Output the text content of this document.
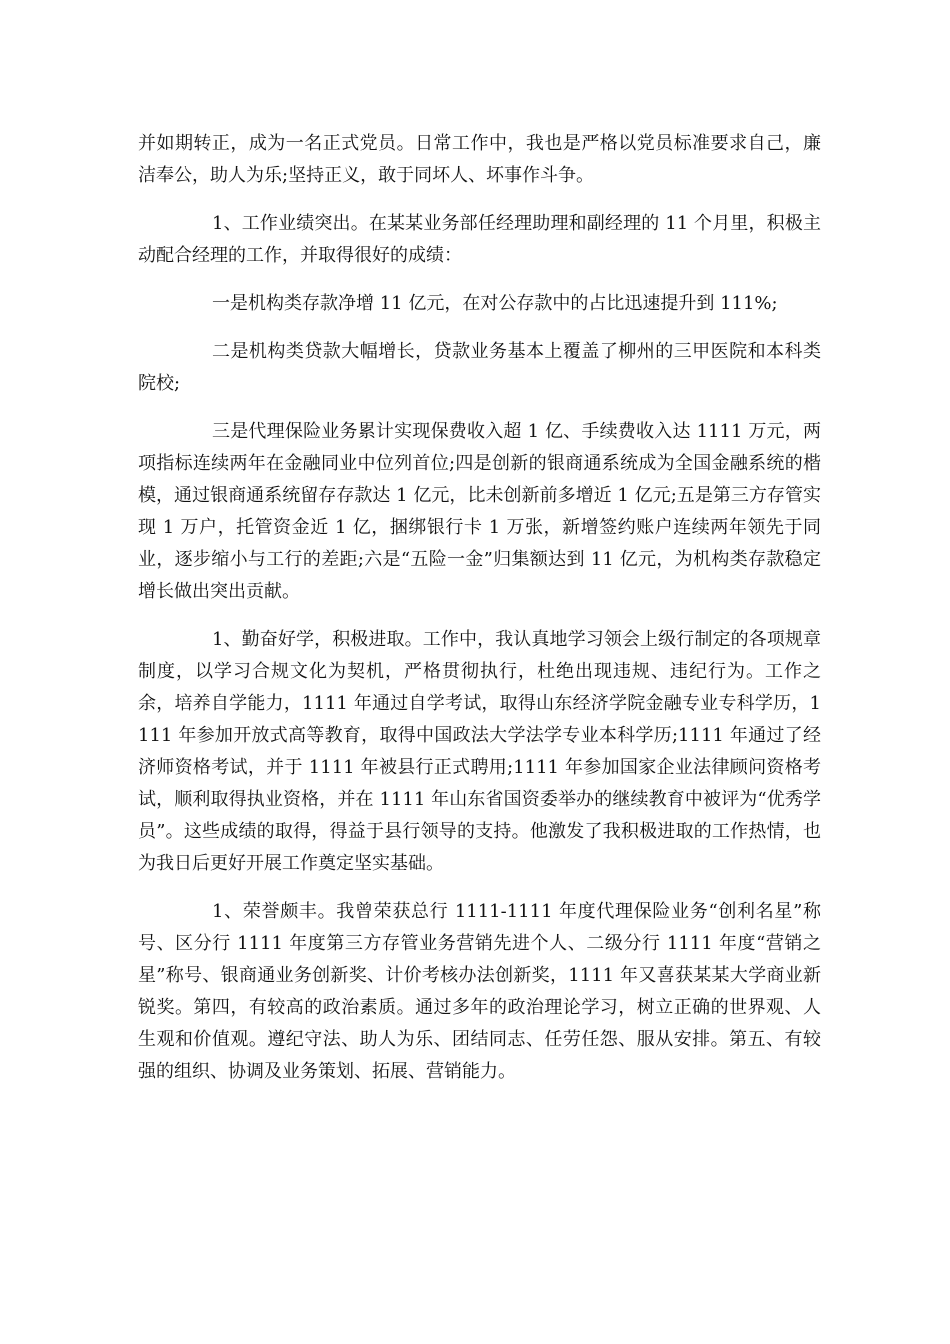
并如期转正，成为一名正式党员。日常工作中，我也是严格以党员标准要求自己，廉洁奉公，助人为乐;坚持正义，敢于同坏人、坏事作斗争。

1、工作业绩突出。在某某业务部任经理助理和副经理的 11 个月里，积极主动配合经理的工作，并取得很好的成绩：

一是机构类存款净增 11 亿元，在对公存款中的占比迅速提升到 111%;

二是机构类贷款大幅增长，贷款业务基本上覆盖了柳州的三甲医院和本科类院校;

三是代理保险业务累计实现保费收入超 1 亿、手续费收入达 1111 万元，两项指标连续两年在金融同业中位列首位;四是创新的银商通系统成为全国金融系统的楷模，通过银商通系统留存存款达 1 亿元，比未创新前多增近 1 亿元;五是第三方存管实现 1 万户，托管资金近 1 亿，捆绑银行卡 1 万张，新增签约账户连续两年领先于同业，逐步缩小与工行的差距;六是“五险一金”归集额达到 11 亿元，为机构类存款稳定增长做出突出贡献。

1、勤奋好学，积极进取。工作中，我认真地学习领会上级行制定的各项规章制度，以学习合规文化为契机，严格贯彻执行，杜绝出现违规、违纪行为。工作之余，培养自学能力，1111 年通过自学考试，取得山东经济学院金融专业专科学历，1111 年参加开放式高等教育，取得中国政法大学法学专业本科学历;1111 年通过了经济师资格考试，并于 1111 年被县行正式聘用;1111 年参加国家企业法律顾问资格考试，顺利取得执业资格，并在 1111 年山东省国资委举办的继续教育中被评为“优秀学员”。这些成绩的取得，得益于县行领导的支持。他激发了我积极进取的工作热情，也为我日后更好开展工作奠定坚实基础。

1、荣誉颇丰。我曾荣获总行 1111-1111 年度代理保险业务“创利名星”称号、区分行 1111 年度第三方存管业务营销先进个人、二级分行 1111 年度“营销之星”称号、银商通业务创新奖、计价考核办法创新奖，1111 年又喜获某某大学商业新锐奖。第四，有较高的政治素质。通过多年的政治理论学习，树立正确的世界观、人生观和价值观。遵纪守法、助人为乐、团结同志、任劳任怨、服从安排。第五、有较强的组织、协调及业务策划、拓展、营销能力。
